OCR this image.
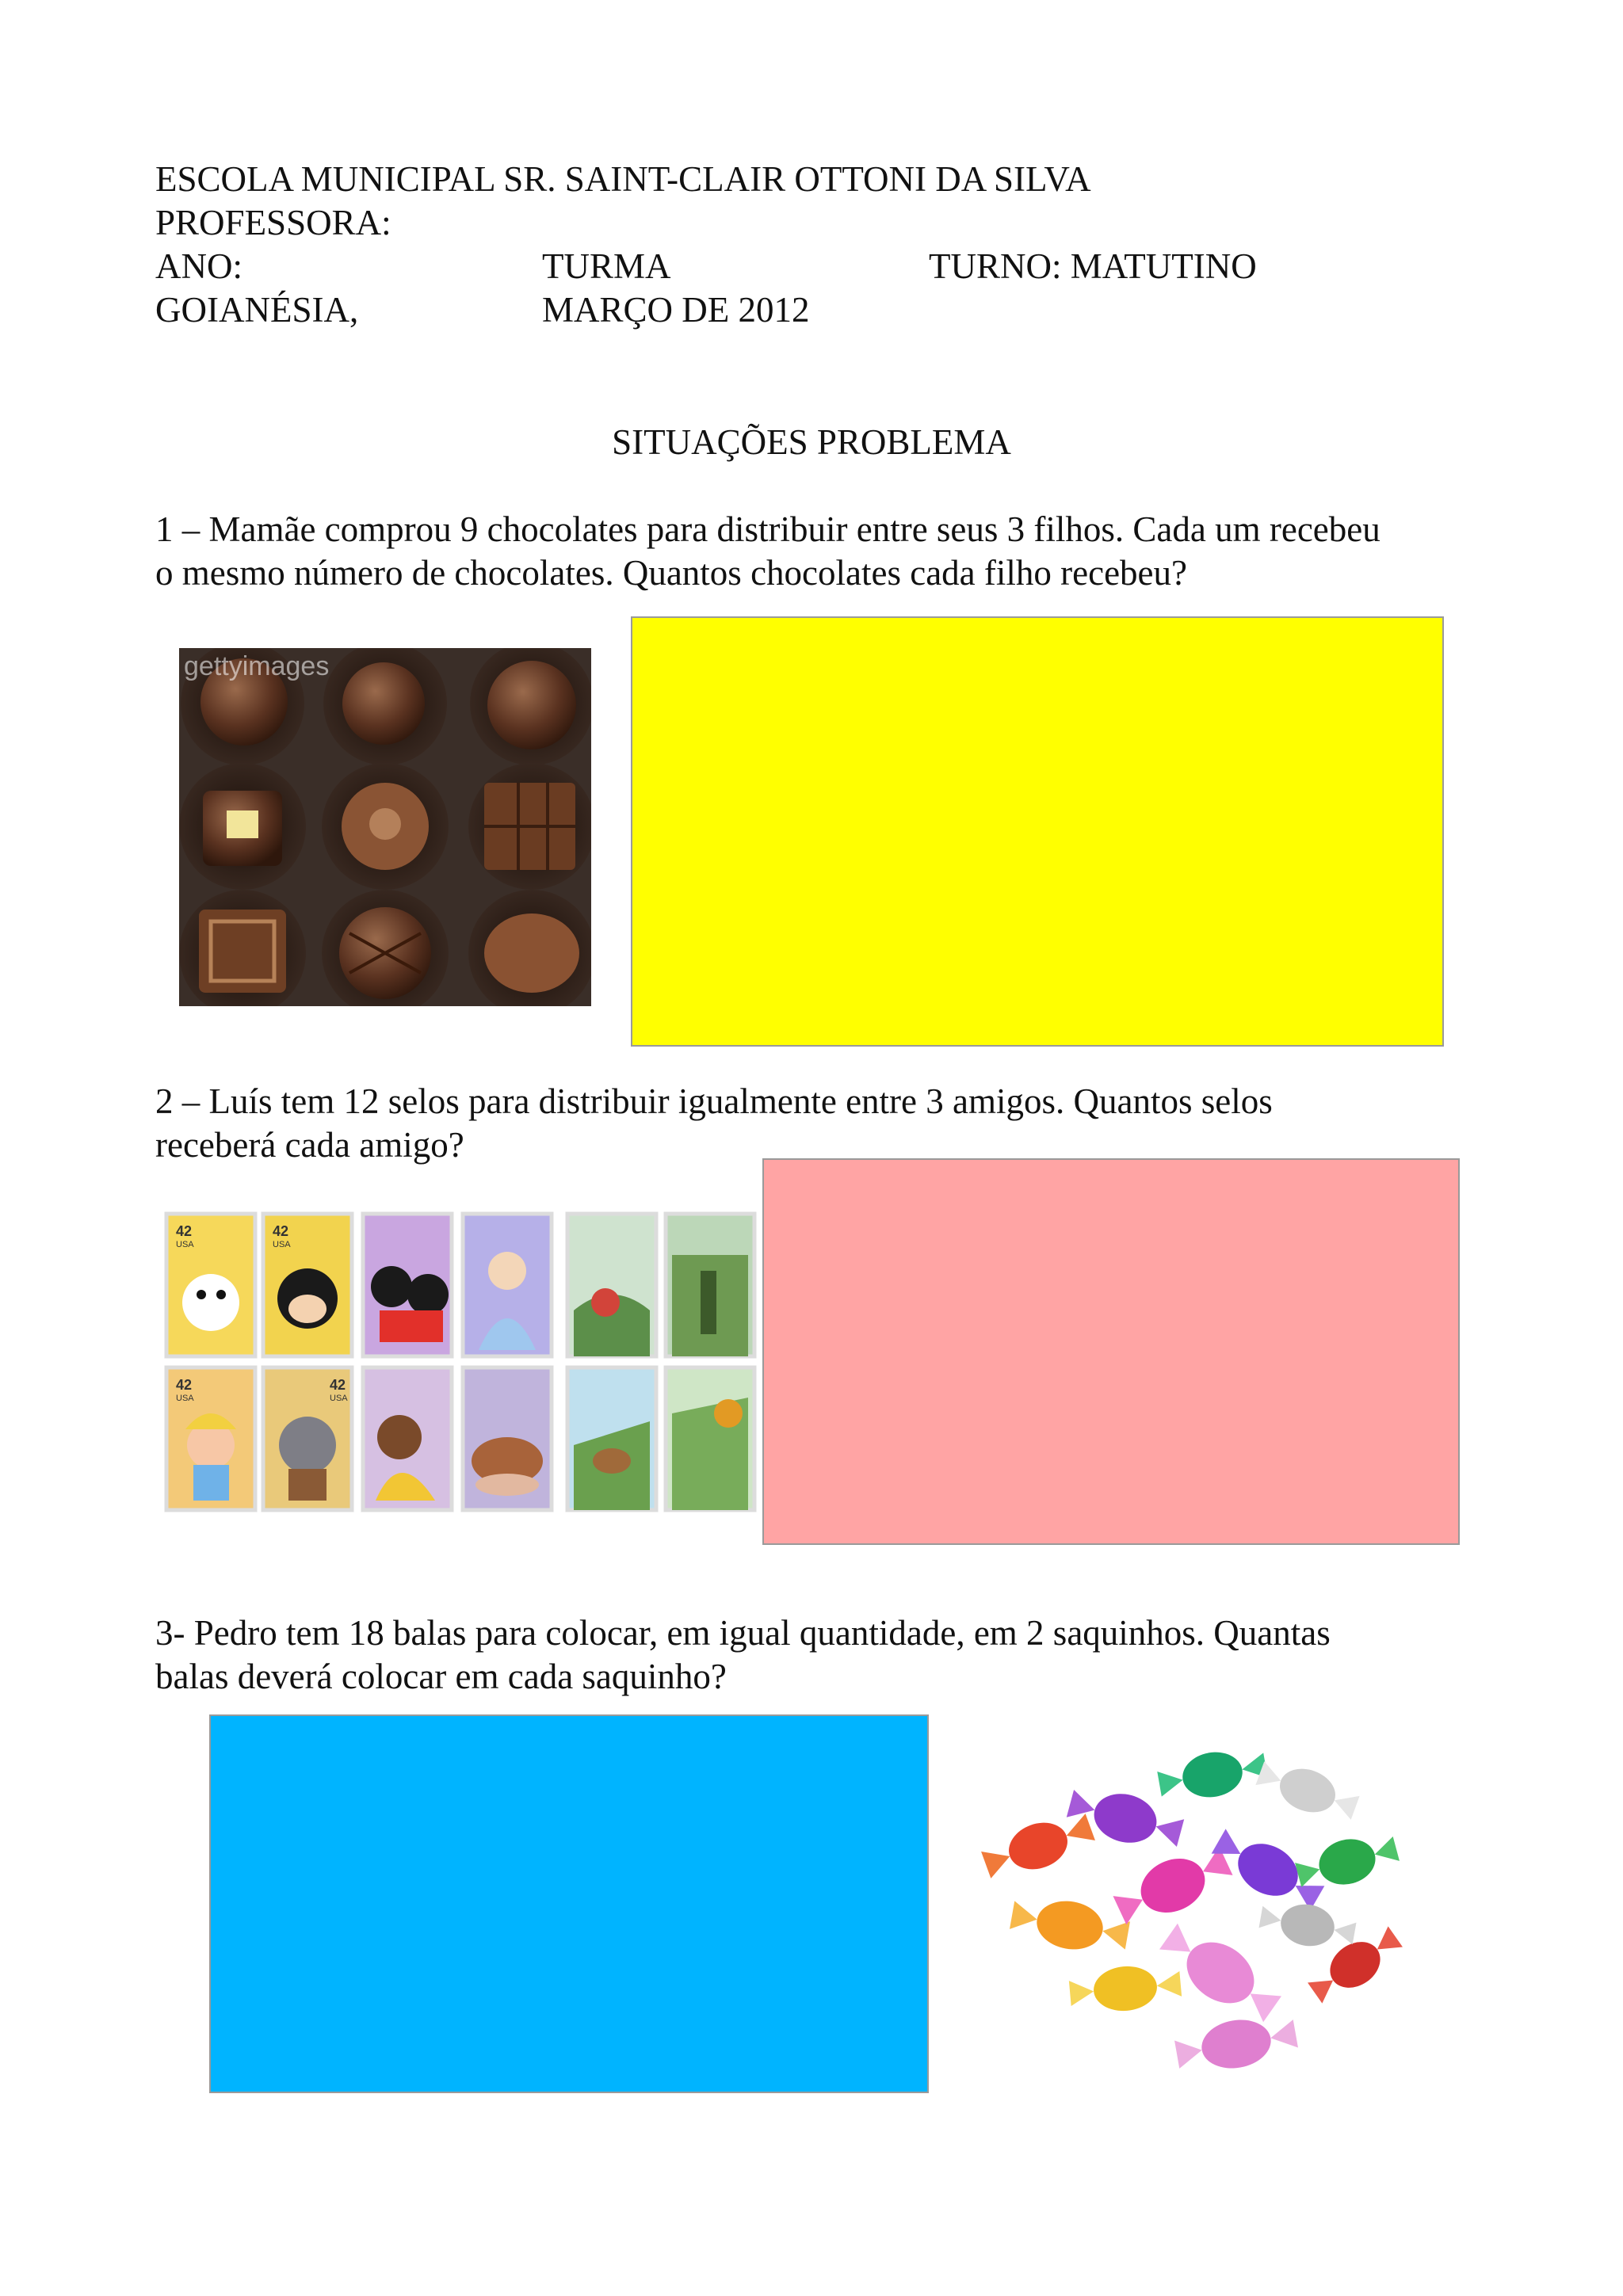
ESCOLA MUNICIPAL SR. SAINT-CLAIR OTTONI DA SILVA
PROFESSORA:
ANO:	TURMA	TURNO: MATUTINO
GOIANÉSIA,	MARÇO DE 2012
SITUAÇÕES PROBLEMA
1 – Mamãe comprou 9 chocolates para distribuir entre seus 3 filhos. Cada um recebeu
o mesmo número de chocolates. Quantos chocolates cada filho recebeu?
gettyimages
2 – Luís tem 12 selos para distribuir igualmente entre 3 amigos. Quantos selos
receberá cada amigo?
42	42
42	42
USA	USA
USA	USA
3- Pedro tem 18 balas para colocar, em igual quantidade, em 2 saquinhos. Quantas
balas deverá colocar em cada saquinho?
